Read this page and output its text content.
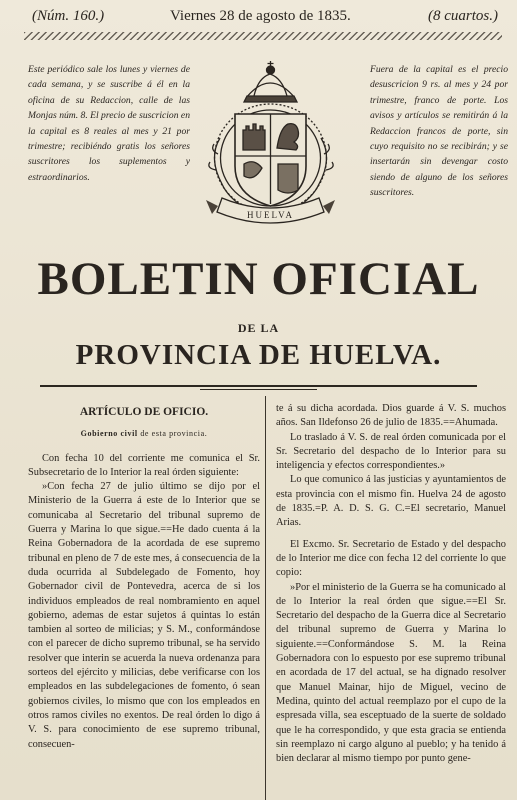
(Núm. 160.)	Viernes 28 de agosto de 1835.	(8 cuartos.)
Este periódico sale los lunes y viernes de cada semana, y se suscribe á él en la oficina de su Redaccion, calle de las Monjas núm. 8. El precio de suscricion en la capital es 8 reales al mes y 21 por trimestre; recibiéndo gratis los señores suscritores los suplementos y estraordinarios.
HUELVA
Fuera de la capital es el precio desuscricion 9 rs. al mes y 24 por trimestre, franco de porte. Los avisos y artículos se remitirán á la Redaccion francos de porte, sin cuyo requisito no se recibirán; y se insertarán sin devengar costo siendo de alguno de los señores suscritores.
BOLETIN OFICIAL
DE LA
PROVINCIA DE HUELVA.

ARTÍCULO DE OFICIO.

Gobierno civil de esta provincia.

Con fecha 10 del corriente me comunica el Sr. Subsecretario de lo Interior la real órden siguiente:

»Con fecha 27 de julio último se dijo por el Ministerio de la Guerra á este de lo Interior que se comunicaba al Secretario del tribunal supremo de Guerra y Marina lo que sigue.==He dado cuenta á la Reina Gobernadora de la acordada de ese supremo tribunal en pleno de 7 de este mes, á consecuencia de la duda ocurrida al Subdelegado de Fomento, hoy Gobernador civil de Pontevedra, acerca de si los individuos empleados de real nombramiento en aquel gobierno, ademas de estar sujetos á quintas lo están tambien al sorteo de milicias; y S. M., conformándose con el parecer de dicho supremo tribunal, se ha servido resolver que interin se acuerda la nueva ordenanza para sorteos del ejército y milicias, debe verificarse con los empleados en las subdelegaciones de fomento, ó sean gobiernos civiles, lo mismo que con los empleados en otros ramos civiles no exentos. De real órden lo digo á V. S. para conocimiento de ese supremo tribunal, consecuen-

te á su dicha acordada. Dios guarde á V. S. muchos años. San Ildefonso 26 de julio de 1835.==Ahumada.

Lo traslado á V. S. de real órden comunicada por el Sr. Secretario del despacho de lo Interior para su inteligencia y efectos correspondientes.»

Lo que comunico á las justicias y ayuntamientos de esta provincia con el mismo fin. Huelva 24 de agosto de 1835.=P. A. D. S. G. C.=El secretario, Manuel Arias.

El Excmo. Sr. Secretario de Estado y del despacho de lo Interior me dice con fecha 12 del corriente lo que copio:

»Por el ministerio de la Guerra se ha comunicado al de lo Interior la real órden que sigue.==El Sr. Secretario del despacho de la Guerra dice al Secretario del tribunal supremo de Guerra y Marina lo siguiente.==Conformándose S. M. la Reina Gobernadora con lo espuesto por ese supremo tribunal en acordada de 17 del actual, se ha dignado resolver que Manuel Mainar, hijo de Miguel, vecino de Medina, quinto del actual reemplazo por el cupo de la espresada villa, sea esceptuado de la suerte de soldado que le ha correspondido, y que esta gracia se entienda sin reemplazo ni cargo alguno al pueblo; y ha tenido á bien declarar al mismo tiempo por punto gene-
